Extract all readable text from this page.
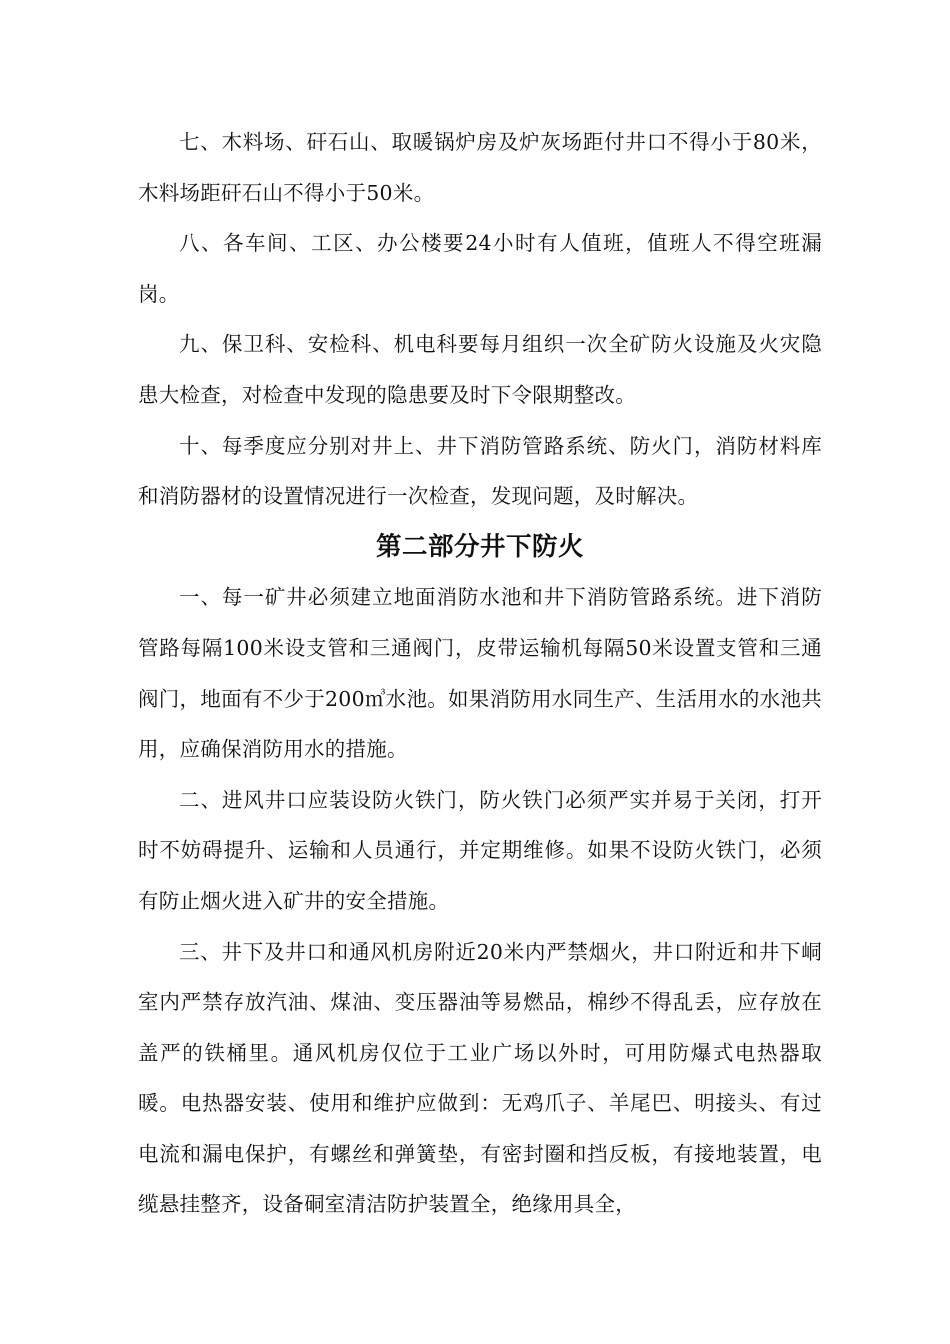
七、木料场、矸石山、取暖锅炉房及炉灰场距付井口不得小于80米，木料场距矸石山不得小于50米。

八、各车间、工区、办公楼要24小时有人值班，值班人不得空班漏岗。

九、保卫科、安检科、机电科要每月组织一次全矿防火设施及火灾隐患大检查，对检查中发现的隐患要及时下令限期整改。

十、每季度应分别对井上、井下消防管路系统、防火门，消防材料库和消防器材的设置情况进行一次检查，发现问题，及时解决。

第二部分井下防火

一、每一矿井必须建立地面消防水池和井下消防管路系统。进下消防管路每隔100米设支管和三通阀门，皮带运输机每隔50米设置支管和三通阀门，地面有不少于200㎥水池。如果消防用水同生产、生活用水的水池共用，应确保消防用水的措施。

二、进风井口应装设防火铁门，防火铁门必须严实并易于关闭，打开时不妨碍提升、运输和人员通行，并定期维修。如果不设防火铁门，必须有防止烟火进入矿井的安全措施。

三、井下及井口和通风机房附近20米内严禁烟火，井口附近和井下峒室内严禁存放汽油、煤油、变压器油等易燃品，棉纱不得乱丢，应存放在盖严的铁桶里。通风机房仅位于工业广场以外时，可用防爆式电热器取暖。电热器安装、使用和维护应做到：无鸡爪子、羊尾巴、明接头、有过电流和漏电保护，有螺丝和弹簧垫，有密封圈和挡反板，有接地装置，电缆悬挂整齐，设备硐室清洁防护装置全，绝缘用具全，
